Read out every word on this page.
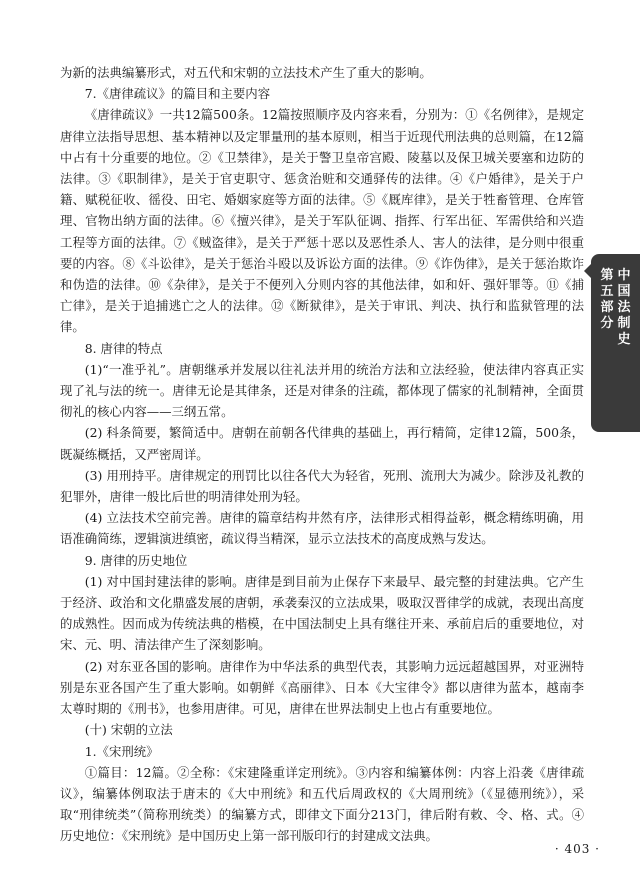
为新的法典编纂形式，对五代和宋朝的立法技术产生了重大的影响。

7.《唐律疏议》的篇目和主要内容

《唐律疏议》一共12篇500条。12篇按照顺序及内容来看，分别为：①《名例律》，是规定唐律立法指导思想、基本精神以及定罪量刑的基本原则，相当于近现代刑法典的总则篇，在12篇中占有十分重要的地位。②《卫禁律》，是关于警卫皇帝宫殿、陵墓以及保卫城关要塞和边防的法律。③《职制律》，是关于官吏职守、惩贪治赃和交通驿传的法律。④《户婚律》，是关于户籍、赋税征收、徭役、田宅、婚姻家庭等方面的法律。⑤《厩库律》，是关于牲畜管理、仓库管理、官物出纳方面的法律。⑥《擅兴律》，是关于军队征调、指挥、行军出征、军需供给和兴造工程等方面的法律。⑦《贼盗律》，是关于严惩十恶以及恶性杀人、害人的法律，是分则中很重要的内容。⑧《斗讼律》，是关于惩治斗殴以及诉讼方面的法律。⑨《诈伪律》，是关于惩治欺诈和伪造的法律。⑩《杂律》，是关于不便列入分则内容的其他法律，如和奸、强奸罪等。⑪《捕亡律》，是关于追捕逃亡之人的法律。⑫《断狱律》，是关于审讯、判决、执行和监狱管理的法律。

8. 唐律的特点

(1)“一准乎礼”。唐朝继承并发展以往礼法并用的统治方法和立法经验，使法律内容真正实现了礼与法的统一。唐律无论是其律条，还是对律条的注疏，都体现了儒家的礼制精神，全面贯彻礼的核心内容——三纲五常。

(2) 科条简要，繁简适中。唐朝在前朝各代律典的基础上，再行精简，定律12篇，500条，既凝练概括，又严密周详。

(3) 用刑持平。唐律规定的刑罚比以往各代大为轻省，死刑、流刑大为减少。除涉及礼教的犯罪外，唐律一般比后世的明清律处刑为轻。

(4) 立法技术空前完善。唐律的篇章结构井然有序，法律形式相得益彰，概念精练明确，用语准确简练，逻辑演进缜密，疏议得当精深，显示立法技术的高度成熟与发达。

9. 唐律的历史地位

(1) 对中国封建法律的影响。唐律是到目前为止保存下来最早、最完整的封建法典。它产生于经济、政治和文化鼎盛发展的唐朝，承袭秦汉的立法成果，吸取汉晋律学的成就，表现出高度的成熟性。因而成为传统法典的楷模，在中国法制史上具有继往开来、承前启后的重要地位，对宋、元、明、清法律产生了深刻影响。

(2) 对东亚各国的影响。唐律作为中华法系的典型代表，其影响力远远超越国界，对亚洲特别是东亚各国产生了重大影响。如朝鲜《高丽律》、日本《大宝律令》都以唐律为蓝本，越南李太尊时期的《刑书》，也参用唐律。可见，唐律在世界法制史上也占有重要地位。

(十) 宋朝的立法

1.《宋刑统》

①篇目：12篇。②全称：《宋建隆重详定刑统》。③内容和编纂体例：内容上沿袭《唐律疏议》，编纂体例取法于唐末的《大中刑统》和五代后周政权的《大周刑统》（《显德刑统》），采取“刑律统类”（简称刑统类）的编纂方式，即律文下面分213门，律后附有敕、令、格、式。④历史地位：《宋刑统》是中国历史上第一部刊版印行的封建成文法典。

第
五
部
分
中
国
法
制
史
· 403 ·
